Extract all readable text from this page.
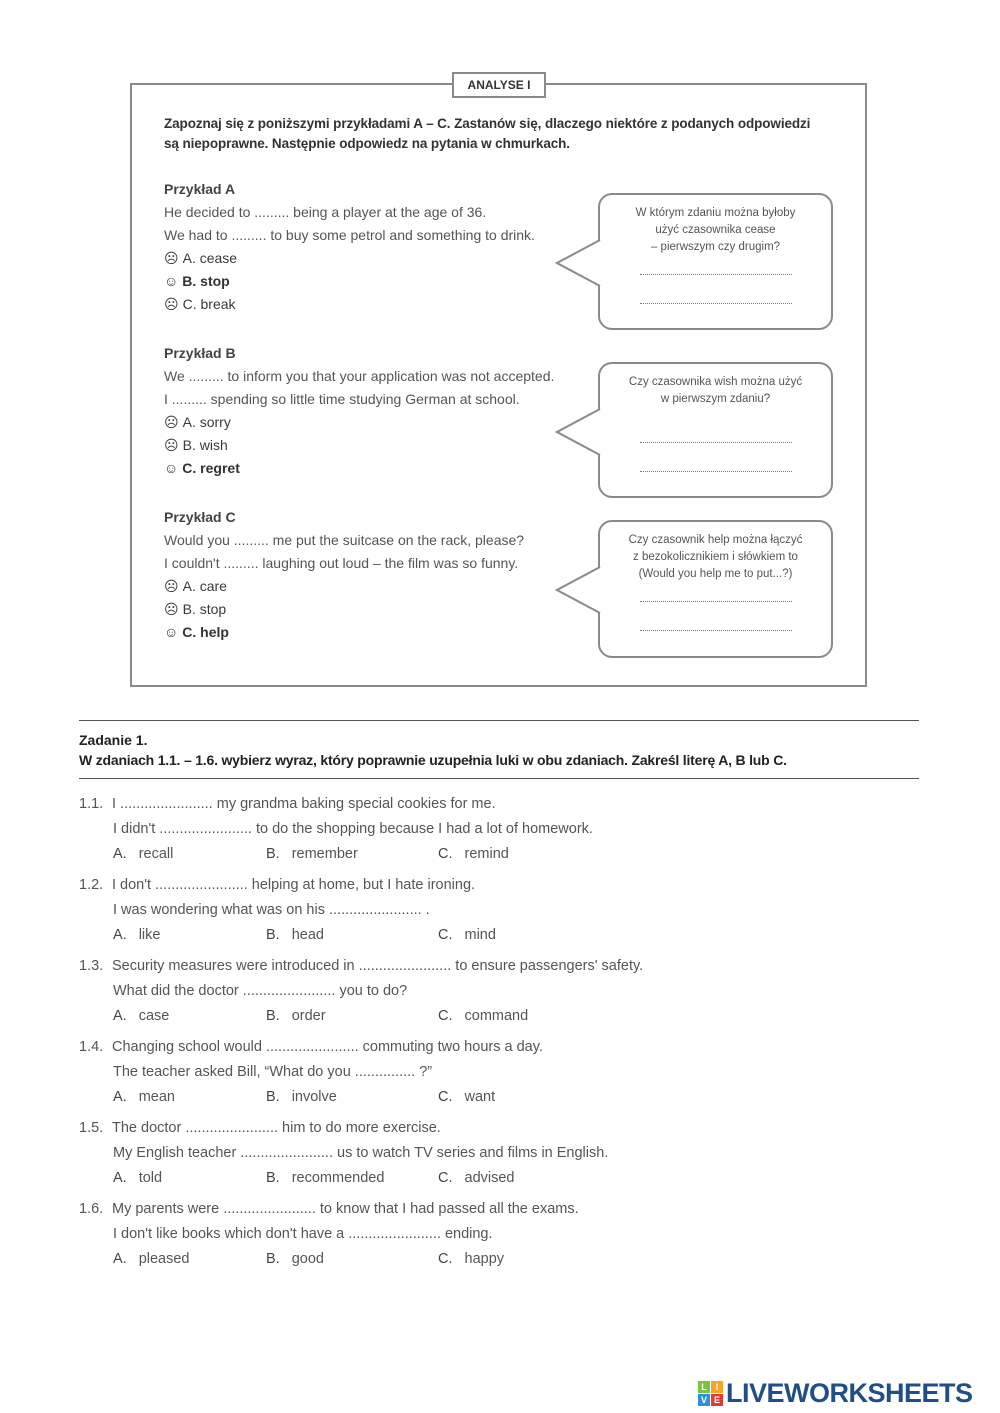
ANALYSE I
Zapoznaj się z poniższymi przykładami A – C. Zastanów się, dlaczego niektóre z podanych odpowiedzi
są niepoprawne. Następnie odpowiedz na pytania w chmurkach.
Przykład A
He decided to ......... being a player at the age of 36.
We had to ......... to buy some petrol and something to drink.
☹ A. cease
☺ B. stop
☹ C. break
W którym zdaniu można byłoby
użyć czasownika cease
– pierwszym czy drugim?
Przykład B
We ......... to inform you that your application was not accepted.
I ......... spending so little time studying German at school.
☹ A. sorry
☹ B. wish
☺ C. regret
Czy czasownika wish można użyć
w pierwszym zdaniu?
Przykład C
Would you ......... me put the suitcase on the rack, please?
I couldn't ......... laughing out loud – the film was so funny.
☹ A. care
☹ B. stop
☺ C. help
Czy czasownik help można łączyć
z bezokolicznikiem i słówkiem to
(Would you help me to put...?)
Zadanie 1.
W zdaniach 1.1. – 1.6. wybierz wyraz, który poprawnie uzupełnia luki w obu zdaniach. Zakreśl literę A, B lub C.
1.1. I ....................... my grandma baking special cookies for me.
I didn't ....................... to do the shopping because I had a lot of homework.
A. recall	B. remember	C. remind
1.2. I don't ....................... helping at home, but I hate ironing.
I was wondering what was on his ....................... .
A. like	B. head	C. mind
1.3. Security measures were introduced in ....................... to ensure passengers' safety.
What did the doctor ....................... you to do?
A. case	B. order	C. command
1.4. Changing school would ....................... commuting two hours a day.
The teacher asked Bill, “What do you ............... ?”
A. mean	B. involve	C. want
1.5. The doctor ....................... him to do more exercise.
My English teacher ....................... us to watch TV series and films in English.
A. told	B. recommended	C. advised
1.6. My parents were ....................... to know that I had passed all the exams.
I don't like books which don't have a ....................... ending.
A. pleased	B. good	C. happy
L I
V E LIVEWORKSHEETS
